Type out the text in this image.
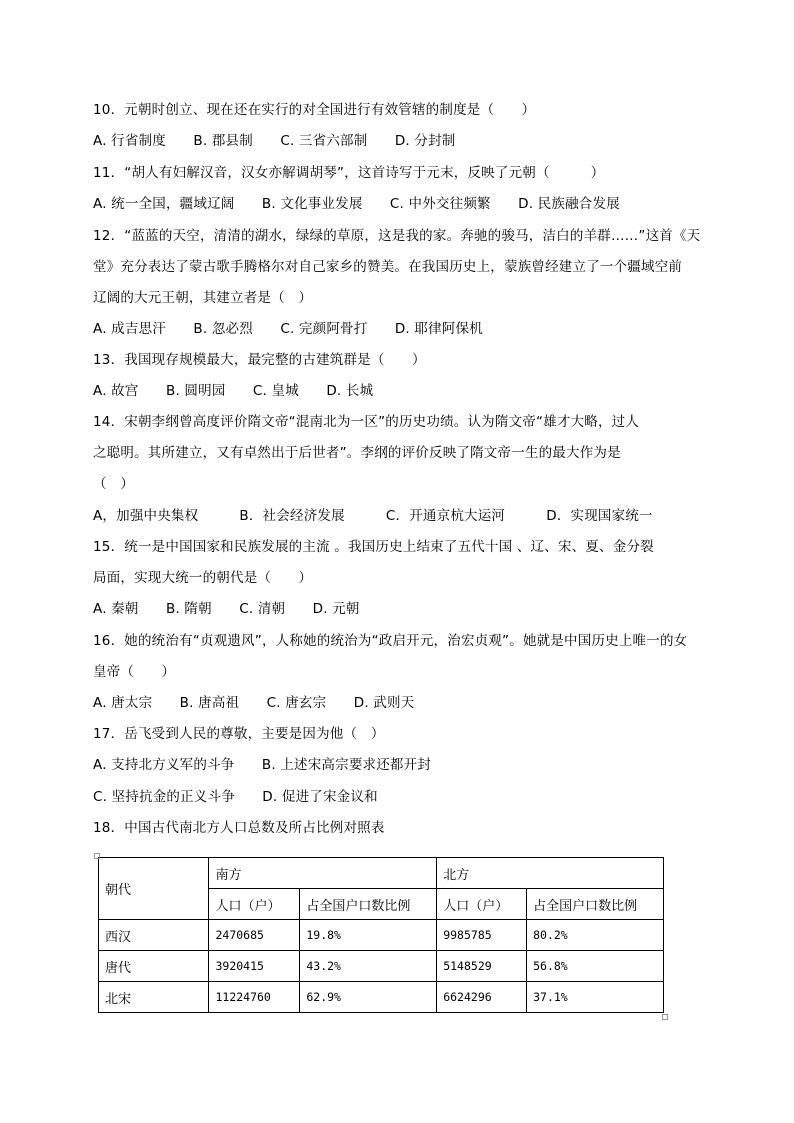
10．元朝时创立、现在还在实行的对全国进行有效管辖的制度是（　　）
A. 行省制度　　B. 郡县制　　C. 三省六部制　　D. 分封制
11．“胡人有妇解汉音，汉女亦解调胡琴”，这首诗写于元末，反映了元朝（　　　）
A. 统一全国，疆域辽阔　　B. 文化事业发展　　C. 中外交往频繁　　D. 民族融合发展
12．“蓝蓝的天空，清清的湖水，绿绿的草原，这是我的家。奔驰的骏马，洁白的羊群……”这首《天
堂》充分表达了蒙古歌手腾格尔对自己家乡的赞美。在我国历史上，蒙族曾经建立了一个疆域空前
辽阔的大元王朝，其建立者是（　）
A. 成吉思汗　　B. 忽必烈　　C. 完颜阿骨打　　D. 耶律阿保机
13．我国现存规模最大，最完整的古建筑群是（　　）
A. 故宫　　B. 圆明园　　C. 皇城　　D. 长城
14．宋朝李纲曾高度评价隋文帝“混南北为一区”的历史功绩。认为隋文帝“雄才大略，过人
之聪明。其所建立，又有卓然出于后世者”。李纲的评价反映了隋文帝一生的最大作为是
（　）
A，加强中央集权　　　B．社会经济发展　　　C．开通京杭大运河　　　D．实现国家统一
15．统一是中国国家和民族发展的主流 。我国历史上结束了五代十国 、辽、宋、夏、金分裂
局面，实现大统一的朝代是（　　）
A. 秦朝　　B. 隋朝　　C. 清朝　　D. 元朝
16．她的统治有“贞观遗风”，人称她的统治为“政启开元，治宏贞观”。她就是中国历史上唯一的女
皇帝（　　）
A. 唐太宗　　B. 唐高祖　　C. 唐玄宗　　D. 武则天
17．岳飞受到人民的尊敬，主要是因为他（　）
A. 支持北方义军的斗争　　B. 上述宋高宗要求还都开封
C. 坚持抗金的正义斗争　　D. 促进了宋金议和
18．中国古代南北方人口总数及所占比例对照表
朝代	南方		北方	
	人口（户）	占全国户口数比例	人口（户）	占全国户口数比例
西汉	2470685	19.8%	9985785	80.2%
唐代	3920415	43.2%	5148529	56.8%
北宋	11224760	62.9%	6624296	37.1%
